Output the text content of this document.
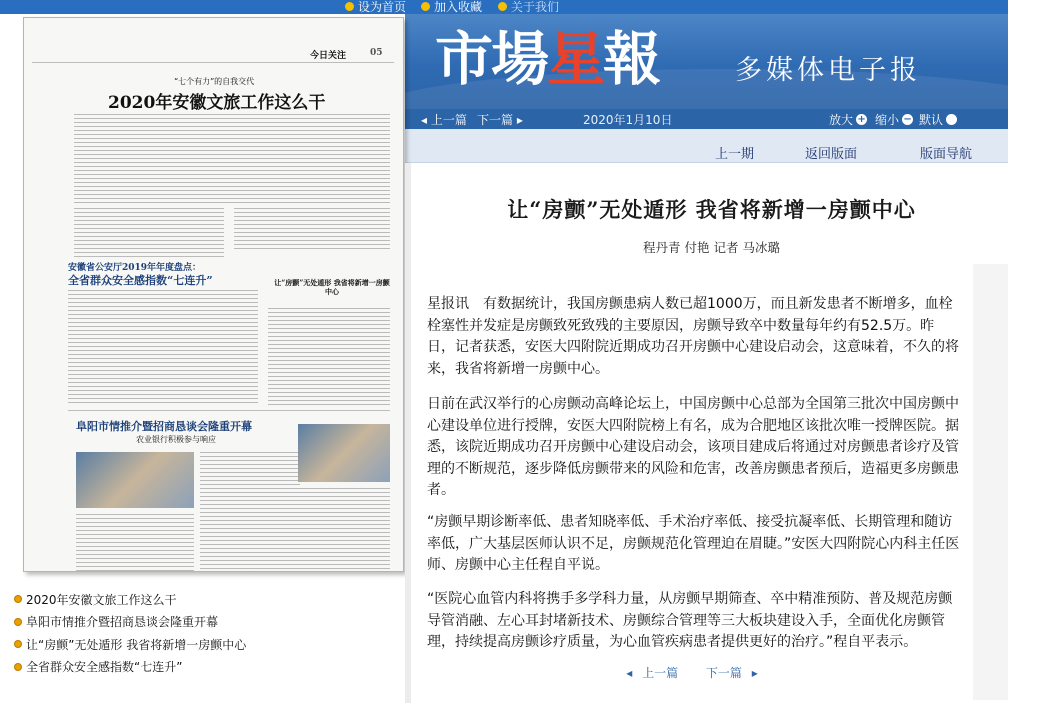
设为首页 加入收藏 关于我们
市場星報	多媒体电子报
◂ 上一篇 下一篇 ▸	2020年1月10日	放大 + 缩小 − 默认
上一期	返回版面	版面导航
今日关注	05
“七个有力”的自我交代
2020年安徽文旅工作这么干
安徽省公安厅2019年年度盘点：
全省群众安全感指数“七连升”	让“房颤”无处遁形 我省将新增一房颤中心
阜阳市情推介暨招商恳谈会隆重开幕
农业银行积极参与响应
2020年安徽文旅工作这么干
阜阳市情推介暨招商恳谈会隆重开幕
让“房颤”无处遁形 我省将新增一房颤中心
全省群众安全感指数“七连升”
让“房颤”无处遁形 我省将新增一房颤中心
程丹青 付艳 记者 马冰璐

星报讯　有数据统计，我国房颤患病人数已超1000万，而且新发患者不断增多，血栓栓塞性并发症是房颤致死致残的主要原因，房颤导致卒中数量每年约有52.5万。昨日，记者获悉，安医大四附院近期成功召开房颤中心建设启动会，这意味着，不久的将来，我省将新增一房颤中心。

日前在武汉举行的心房颤动高峰论坛上，中国房颤中心总部为全国第三批次中国房颤中心建设单位进行授牌，安医大四附院榜上有名，成为合肥地区该批次唯一授牌医院。据悉，该院近期成功召开房颤中心建设启动会，该项目建成后将通过对房颤患者诊疗及管理的不断规范，逐步降低房颤带来的风险和危害，改善房颤患者预后，造福更多房颤患者。

“房颤早期诊断率低、患者知晓率低、手术治疗率低、接受抗凝率低、长期管理和随访率低，广大基层医师认识不足，房颤规范化管理迫在眉睫。”安医大四附院心内科主任医师、房颤中心主任程自平说。

“医院心血管内科将携手多学科力量，从房颤早期筛查、卒中精准预防、普及规范房颤导管消融、左心耳封堵新技术、房颤综合管理等三大板块建设入手，全面优化房颤管理，持续提高房颤诊疗质量，为心血管疾病患者提供更好的治疗。”程自平表示。

◂ 上一篇 下一篇 ▸
